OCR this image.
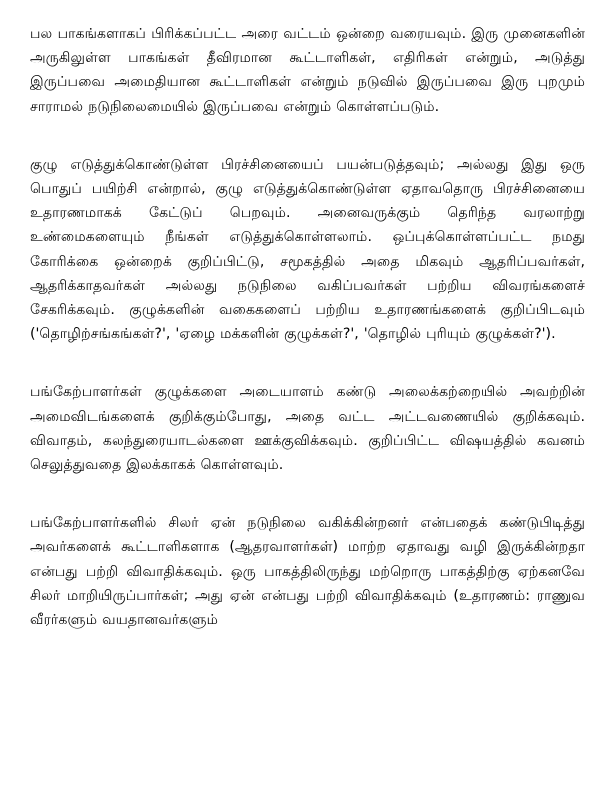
பல பாகங்களாகப் பிரிக்கப்பட்ட அரை வட்டம் ஒன்றை வரையவும். இரு முனைகளின் அருகிலுள்ள பாகங்கள் தீவிரமான கூட்டாளிகள், எதிரிகள் என்றும், அடுத்து இருப்பவை அமைதியான கூட்டாளிகள் என்றும் நடுவில் இருப்பவை இரு புறமும் சாராமல் நடுநிலைமையில் இருப்பவை என்றும் கொள்ளப்படும்.

குழு எடுத்துக்கொண்டுள்ள பிரச்சினையைப் பயன்படுத்தவும்; அல்லது இது ஒரு பொதுப் பயிற்சி என்றால், குழு எடுத்துக்கொண்டுள்ள ஏதாவதொரு பிரச்சினையை உதாரணமாகக் கேட்டுப் பெறவும். அனைவருக்கும் தெரிந்த வரலாற்று உண்மைகளையும் நீங்கள் எடுத்துக்கொள்ளலாம். ஒப்புக்கொள்ளப்பட்ட நமது கோரிக்கை ஒன்றைக் குறிப்பிட்டு, சமூகத்தில் அதை மிகவும் ஆதரிப்பவர்கள், ஆதரிக்காதவர்கள் அல்லது நடுநிலை வகிப்பவர்கள் பற்றிய விவரங்களைச் சேகரிக்கவும். குழுக்களின் வகைகளைப் பற்றிய உதாரணங்களைக் குறிப்பிடவும் ('தொழிற்சங்கங்கள்?', 'ஏழை மக்களின் குழுக்கள்?', 'தொழில் புரியும் குழுக்கள்?').

பங்கேற்பாளர்கள் குழுக்களை அடையாளம் கண்டு அலைக்கற்றையில் அவற்றின் அமைவிடங்களைக் குறிக்கும்போது, அதை வட்ட அட்டவணையில் குறிக்கவும். விவாதம், கலந்துரையாடல்களை ஊக்குவிக்கவும். குறிப்பிட்ட விஷயத்தில் கவனம் செலுத்துவதை இலக்காகக் கொள்ளவும்.

பங்கேற்பாளர்களில் சிலர் ஏன் நடுநிலை வகிக்கின்றனர் என்பதைக் கண்டுபிடித்து அவர்களைக் கூட்டாளிகளாக (ஆதரவாளர்கள்) மாற்ற ஏதாவது வழி இருக்கின்றதா என்பது பற்றி விவாதிக்கவும். ஒரு பாகத்திலிருந்து மற்றொரு பாகத்திற்கு ஏற்கனவே சிலர் மாறியிருப்பார்கள்; அது ஏன் என்பது பற்றி விவாதிக்கவும் (உதாரணம்: ராணுவ வீரர்களும் வயதானவர்களும்
